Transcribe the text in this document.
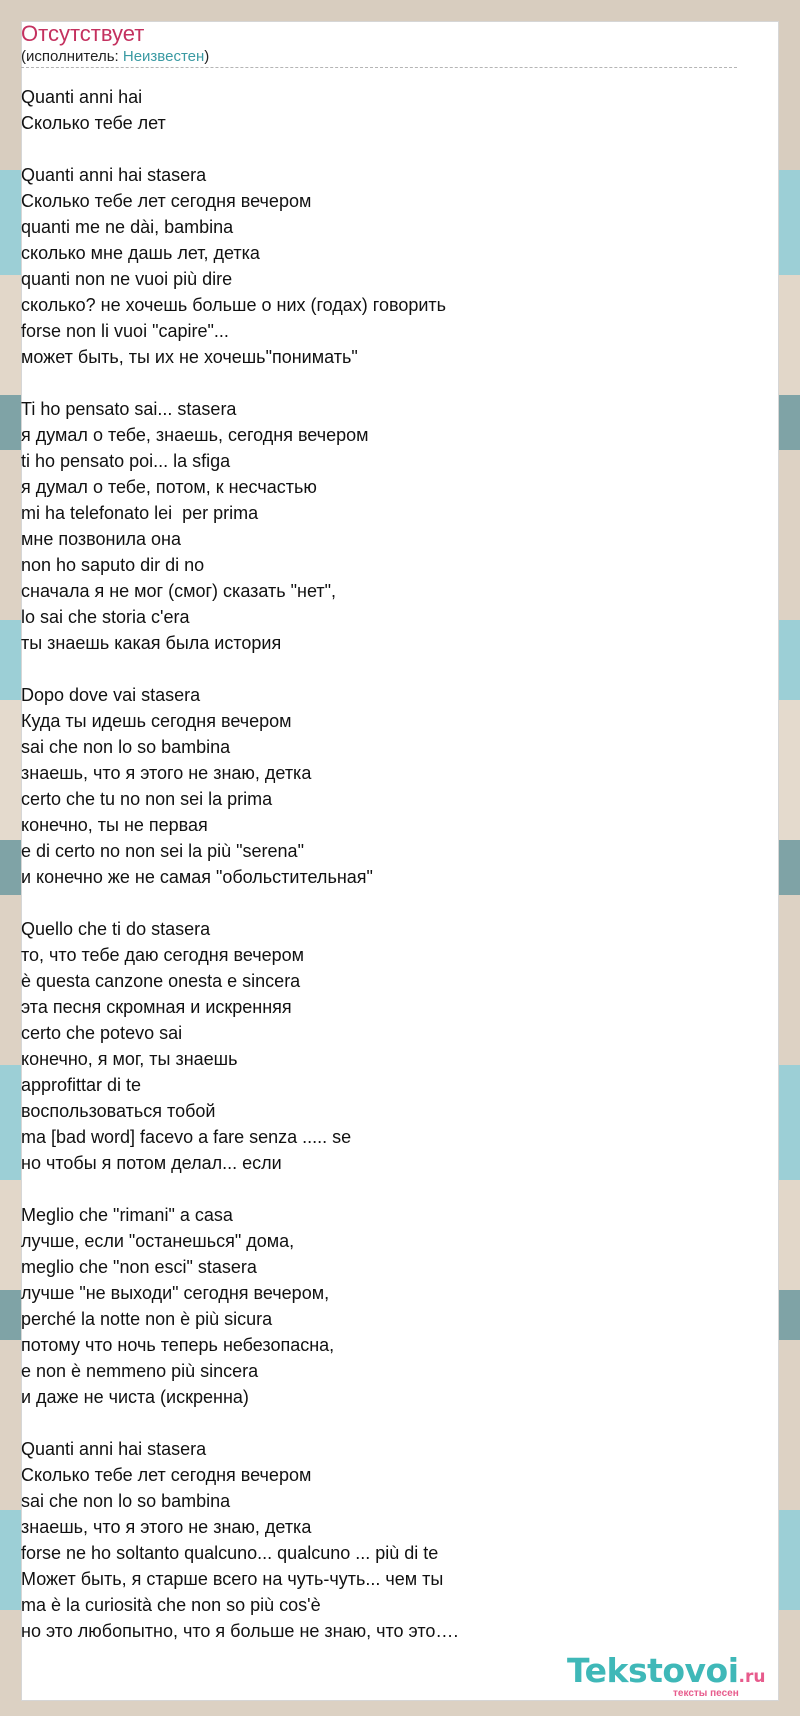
Отсутствует
(исполнитель: Неизвестен)
Quanti anni hai
Сколько тебе лет
Quanti anni hai stasera
Сколько тебе лет сегодня вечером
quanti me ne dài, bambina
сколько мне дашь лет, детка
quanti non ne vuoi più dire
сколько? не хочешь больше о них (годах) говорить
forse non li vuoi "capire"...
может быть, ты их не хочешь"понимать"
Ti ho pensato sai... stasera
я думал о тебе, знаешь, сегодня вечером
ti ho pensato poi... la sfiga
я думал о тебе, потом, к несчастью
mi ha telefonato lei  per prima
мне позвонила она
non ho saputo dir di no
сначала я не мог (смог) сказать "нет",
lo sai che storia c'era
ты знаешь какая была история
Dopo dove vai stasera
Куда ты идешь сегодня вечером
sai che non lo so bambina
знаешь, что я этого не знаю, детка
certo che tu no non sei la prima
конечно, ты не первая
e di certo no non sei la più "serena"
и конечно же не самая "обольстительная"
Quello che ti do stasera
то, что тебе даю сегодня вечером
è questa canzone onesta e sincera
эта песня скромная и искренняя
certo che potevo sai
конечно, я мог, ты знаешь
approfittar di te
воспользоваться тобой
ma [bad word] facevo a fare senza ..... se
но чтобы я потом делал... если
Meglio che "rimani" a casa
лучше, если "останешься" дома,
meglio che "non esci" stasera
лучше "не выходи" сегодня вечером,
perché la notte non è più sicura
потому что ночь теперь небезопасна,
e non è nemmeno più sincera
и даже не чиста (искренна)
Quanti anni hai stasera
Сколько тебе лет сегодня вечером
sai che non lo so bambina
знаешь, что я этого не знаю, детка
forse ne ho soltanto qualcuno... qualcuno ... più di te
Может быть, я старше всего на чуть-чуть... чем ты
ma è la curiosità che non so più cos'è
но это любопытно, что я больше не знаю, что это….
Tekstovoi.ru
тексты песен
